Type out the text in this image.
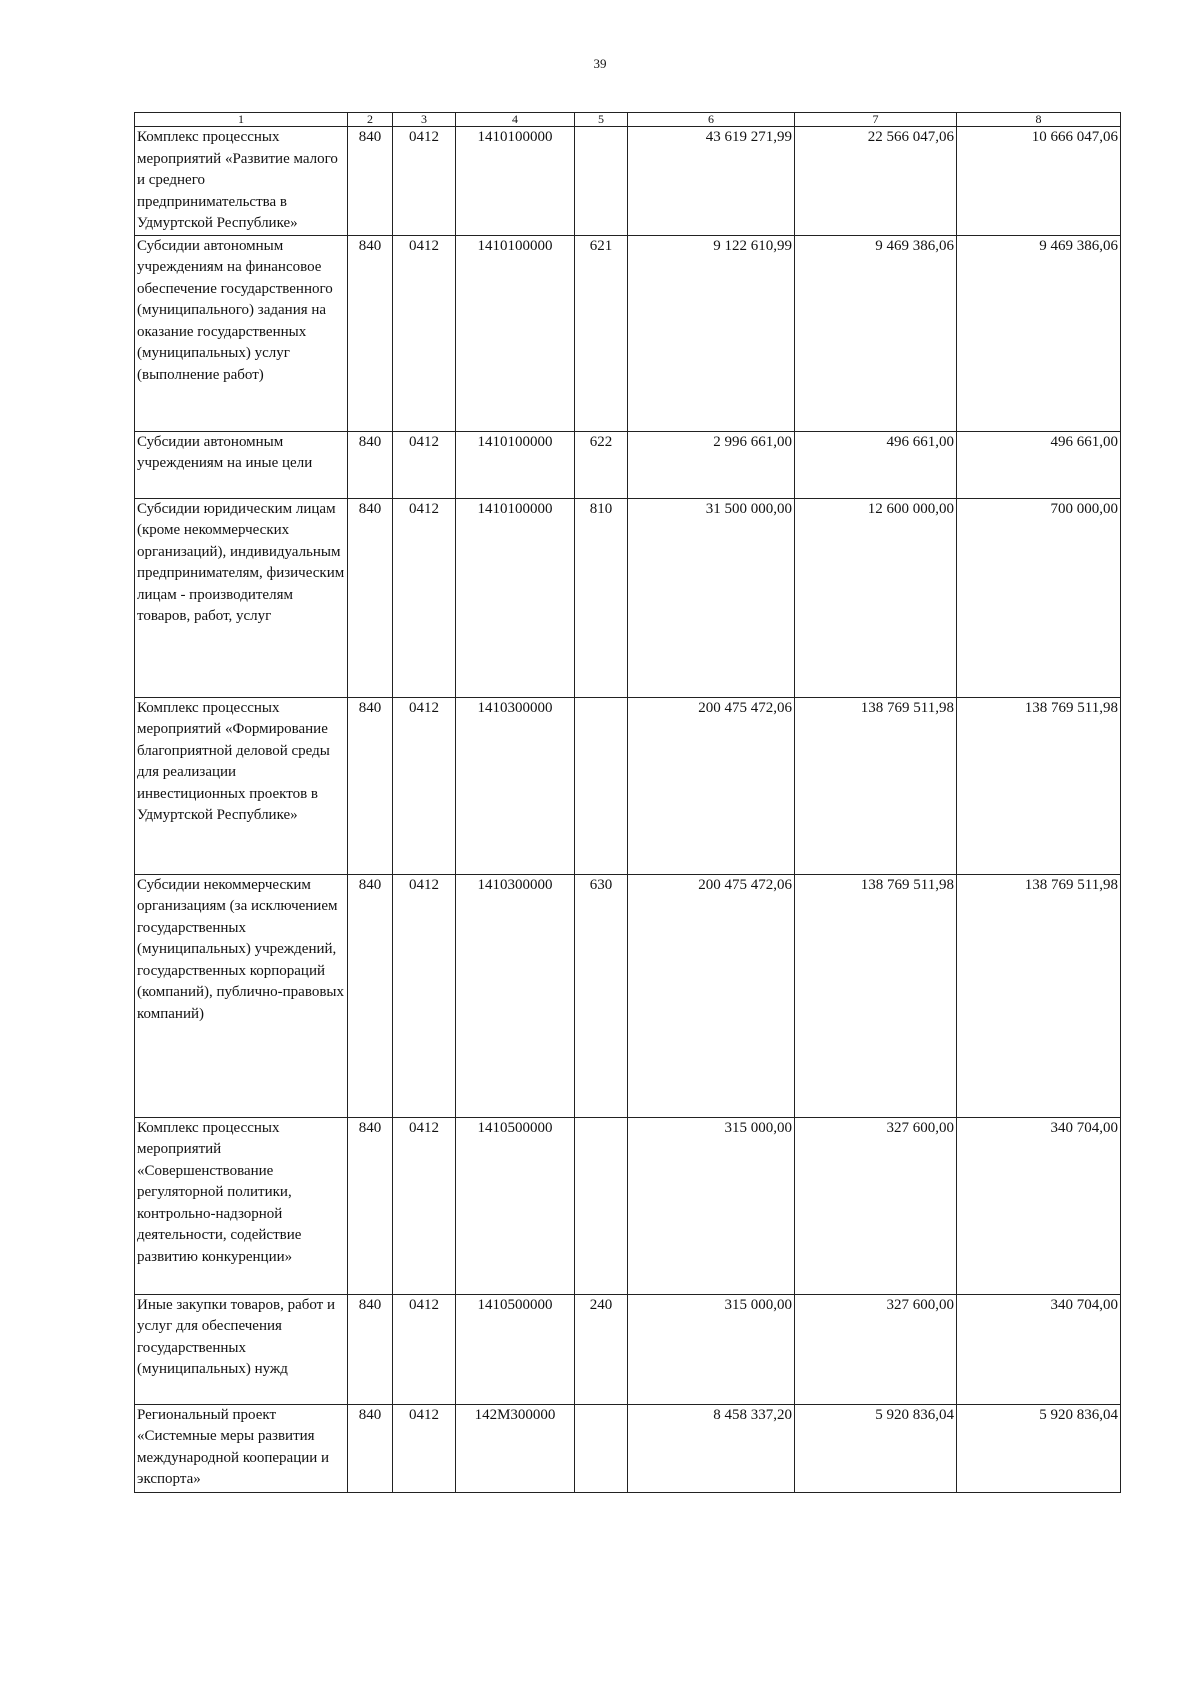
39
1	2	3	4	5	6	7	8
Комплекс процессных мероприятий «Развитие малого и среднего предпринимательства в Удмуртской Республике»	840	0412	1410100000		43 619 271,99	22 566 047,06	10 666 047,06
Субсидии автономным учреждениям на финансовое обеспечение государственного (муниципального) задания на оказание государственных (муниципальных) услуг (выполнение работ)	840	0412	1410100000	621	9 122 610,99	9 469 386,06	9 469 386,06
Субсидии автономным учреждениям на иные цели	840	0412	1410100000	622	2 996 661,00	496 661,00	496 661,00
Субсидии юридическим лицам (кроме некоммерческих организаций), индивидуальным предпринимателям, физическим лицам - производителям товаров, работ, услуг	840	0412	1410100000	810	31 500 000,00	12 600 000,00	700 000,00
Комплекс процессных мероприятий «Формирование благоприятной деловой среды для реализации инвестиционных проектов в Удмуртской Республике»	840	0412	1410300000		200 475 472,06	138 769 511,98	138 769 511,98
Субсидии некоммерческим организациям (за исключением государственных (муниципальных) учреждений, государственных корпораций (компаний), публично-правовых компаний)	840	0412	1410300000	630	200 475 472,06	138 769 511,98	138 769 511,98
Комплекс процессных мероприятий «Совершенствование регуляторной политики, контрольно-надзорной деятельности, содействие развитию конкуренции»	840	0412	1410500000		315 000,00	327 600,00	340 704,00
Иные закупки товаров, работ и услуг для обеспечения государственных (муниципальных) нужд	840	0412	1410500000	240	315 000,00	327 600,00	340 704,00
Региональный проект «Системные меры развития международной кооперации и экспорта»	840	0412	142M300000		8 458 337,20	5 920 836,04	5 920 836,04
